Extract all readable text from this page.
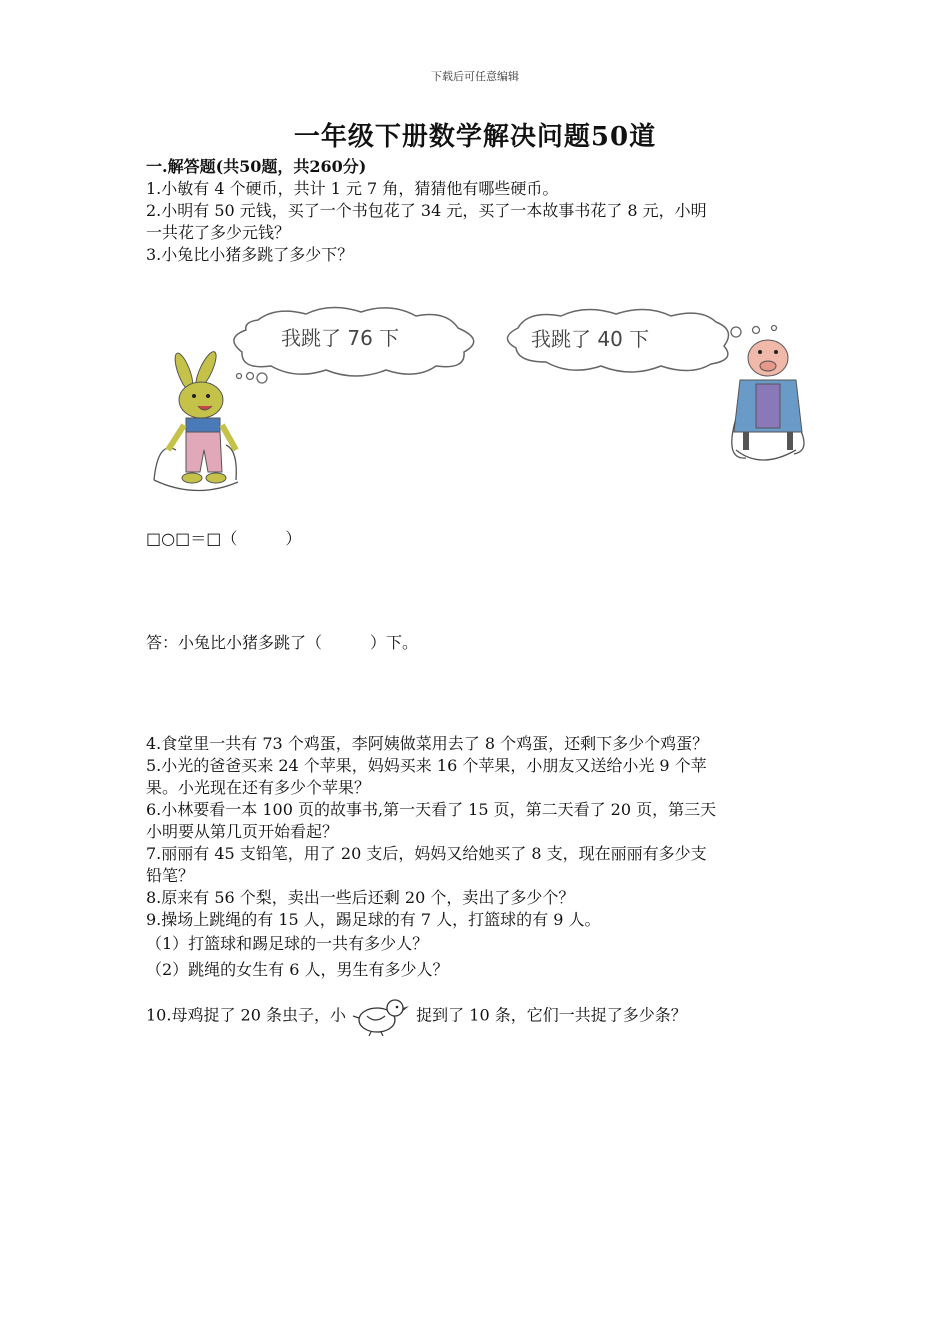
下载后可任意编辑
一年级下册数学解决问题50道
一.解答题(共50题，共260分)
1.小敏有 4 个硬币，共计 1 元 7 角，猜猜他有哪些硬币。
2.小明有 50 元钱，买了一个书包花了 34 元，买了一本故事书花了 8 元，小明
一共花了多少元钱？
3.小兔比小猪多跳了多少下？
我跳了 76 下	我跳了 40 下
□○□＝□（　　　）
答：小兔比小猪多跳了（　　　）下。
4.食堂里一共有 73 个鸡蛋，李阿姨做菜用去了 8 个鸡蛋，还剩下多少个鸡蛋？
5.小光的爸爸买来 24 个苹果，妈妈买来 16 个苹果，小朋友又送给小光 9 个苹
果。小光现在还有多少个苹果？
6.小林要看一本 100 页的故事书,第一天看了 15 页，第二天看了 20 页，第三天
小明要从第几页开始看起？
7.丽丽有 45 支铅笔，用了 20 支后，妈妈又给她买了 8 支，现在丽丽有多少支
铅笔？
8.原来有 56 个梨，卖出一些后还剩 20 个，卖出了多少个？
9.操场上跳绳的有 15 人，踢足球的有 7 人，打篮球的有 9 人。
（1）打篮球和踢足球的一共有多少人？
（2）跳绳的女生有 6 人，男生有多少人？
10.母鸡捉了 20 条虫子，小	捉到了 10 条，它们一共捉了多少条？
